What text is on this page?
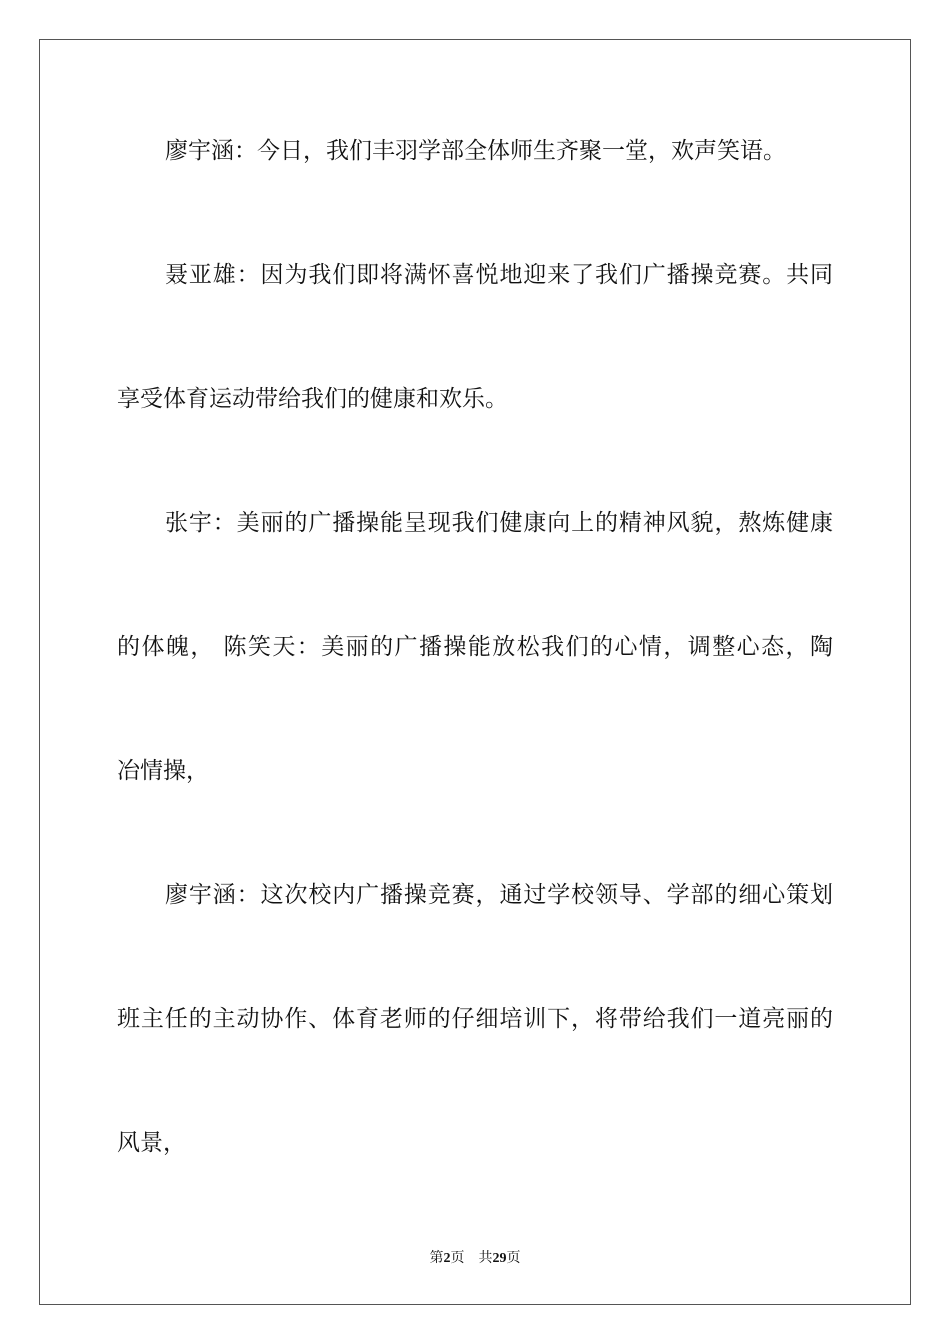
廖宇涵：今日，我们丰羽学部全体师生齐聚一堂，欢声笑语。
聂亚雄：因为我们即将满怀喜悦地迎来了我们广播操竞赛。共同
享受体育运动带给我们的健康和欢乐。
张宇：美丽的广播操能呈现我们健康向上的精神风貌，熬炼健康
的体魄， 陈笑天：美丽的广播操能放松我们的心情，调整心态，陶
冶情操，
廖宇涵：这次校内广播操竞赛，通过学校领导、学部的细心策划
班主任的主动协作、体育老师的仔细培训下，将带给我们一道亮丽的
风景，
第2页 共29页
